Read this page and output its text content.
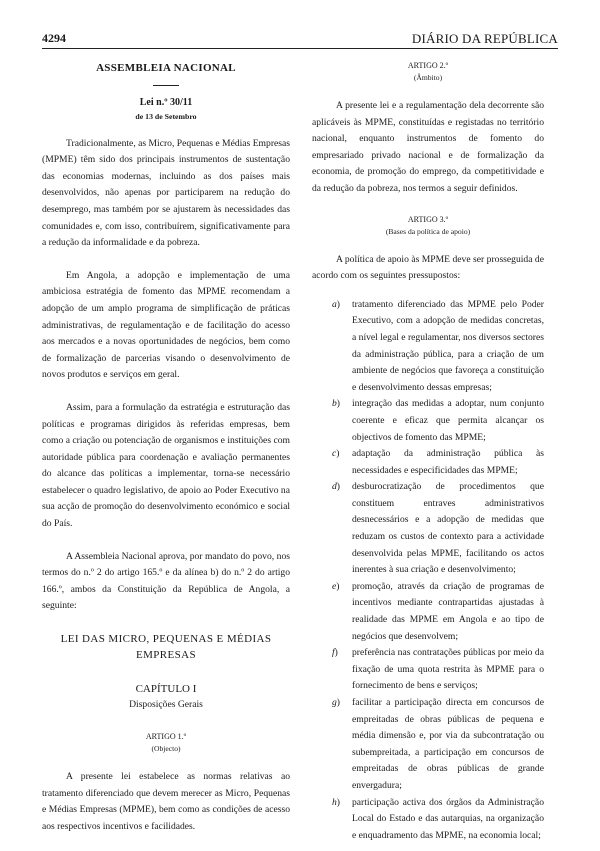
4294	DIÁRIO DA REPÚBLICA
ASSEMBLEIA NACIONAL
Lei n.º 30/11
de 13 de Setembro

Tradicionalmente, as Micro, Pequenas e Médias Empresas (MPME) têm sido dos principais instrumentos de sustentação das economias modernas, incluindo as dos países mais desenvolvidos, não apenas por participarem na redução do desemprego, mas também por se ajustarem às necessidades das comunidades e, com isso, contribuírem, significativamente para a redução da informalidade e da pobreza.

Em Angola, a adopção e implementação de uma ambiciosa estratégia de fomento das MPME recomendam a adopção de um amplo programa de simplificação de práticas administrativas, de regulamentação e de facilitação do acesso aos mercados e a novas oportunidades de negócios, bem como de formalização de parcerias visando o desenvolvimento de novos produtos e serviços em geral.

Assim, para a formulação da estratégia e estruturação das políticas e programas dirigidos às referidas empresas, bem como a criação ou potenciação de organismos e instituições com autoridade pública para coordenação e avaliação permanentes do alcance das políticas a implementar, torna-se necessário estabelecer o quadro legislativo, de apoio ao Poder Executivo na sua acção de promoção do desenvolvimento económico e social do País.

A Assembleia Nacional aprova, por mandato do povo, nos termos do n.º 2 do artigo 165.º e da alínea b) do n.º 2 do artigo 166.º, ambos da Constituição da República de Angola, a seguinte:

LEI DAS MICRO, PEQUENAS E MÉDIAS EMPRESAS
CAPÍTULO I
Disposições Gerais
ARTIGO 1.º
(Objecto)

A presente lei estabelece as normas relativas ao tratamento diferenciado que devem merecer as Micro, Pequenas e Médias Empresas (MPME), bem como as condições de acesso aos respectivos incentivos e facilidades.

ARTIGO 2.º
(Âmbito)

A presente lei e a regulamentação dela decorrente são aplicáveis às MPME, constituídas e registadas no território nacional, enquanto instrumentos de fomento do empresariado privado nacional e de formalização da economia, de promoção do emprego, da competitividade e da redução da pobreza, nos termos a seguir definidos.

ARTIGO 3.º
(Bases da política de apoio)

A política de apoio às MPME deve ser prosseguida de acordo com os seguintes pressupostos:

a) tratamento diferenciado das MPME pelo Poder Executivo, com a adopção de medidas concretas, a nível legal e regulamentar, nos diversos sectores da administração pública, para a criação de um ambiente de negócios que favoreça a constituição e desenvolvimento dessas empresas;
b) integração das medidas a adoptar, num conjunto coerente e eficaz que permita alcançar os objectivos de fomento das MPME;
c) adaptação da administração pública às necessidades e especificidades das MPME;
d) desburocratização de procedimentos que constituem entraves administrativos desnecessários e a adopção de medidas que reduzam os custos de contexto para a actividade desenvolvida pelas MPME, facilitando os actos inerentes à sua criação e desenvolvimento;
e) promoção, através da criação de programas de incentivos mediante contrapartidas ajustadas à realidade das MPME em Angola e ao tipo de negócios que desenvolvem;
f) preferência nas contratações públicas por meio da fixação de uma quota restrita às MPME para o fornecimento de bens e serviços;
g) facilitar a participação directa em concursos de empreitadas de obras públicas de pequena e média dimensão e, por via da subcontratação ou subempreitada, a participação em concursos de empreitadas de obras públicas de grande envergadura;
h) participação activa dos órgãos da Administração Local do Estado e das autarquias, na organização e enquadramento das MPME, na economia local;
